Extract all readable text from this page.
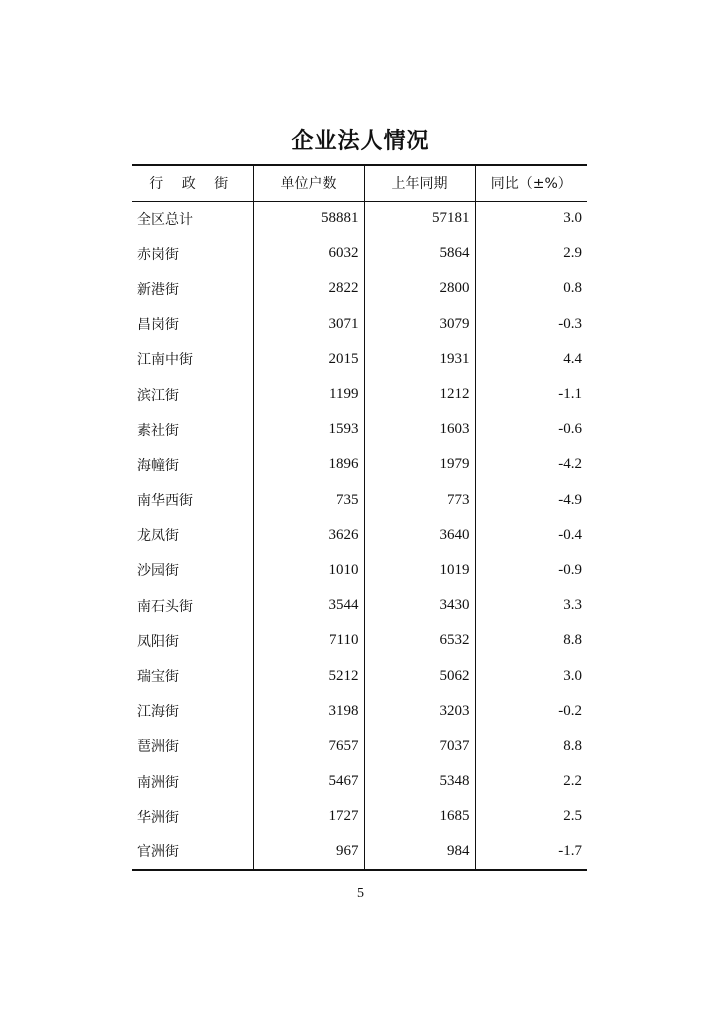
企业法人情况
行 政 街	单位户数	上年同期	同比（±%）
全区总计	58881	57181	3.0
赤岗街	6032	5864	2.9
新港街	2822	2800	0.8
昌岗街	3071	3079	-0.3
江南中街	2015	1931	4.4
滨江街	1199	1212	-1.1
素社街	1593	1603	-0.6
海幢街	1896	1979	-4.2
南华西街	735	773	-4.9
龙凤街	3626	3640	-0.4
沙园街	1010	1019	-0.9
南石头街	3544	3430	3.3
凤阳街	7110	6532	8.8
瑞宝街	5212	5062	3.0
江海街	3198	3203	-0.2
琶洲街	7657	7037	8.8
南洲街	5467	5348	2.2
华洲街	1727	1685	2.5
官洲街	967	984	-1.7
5
